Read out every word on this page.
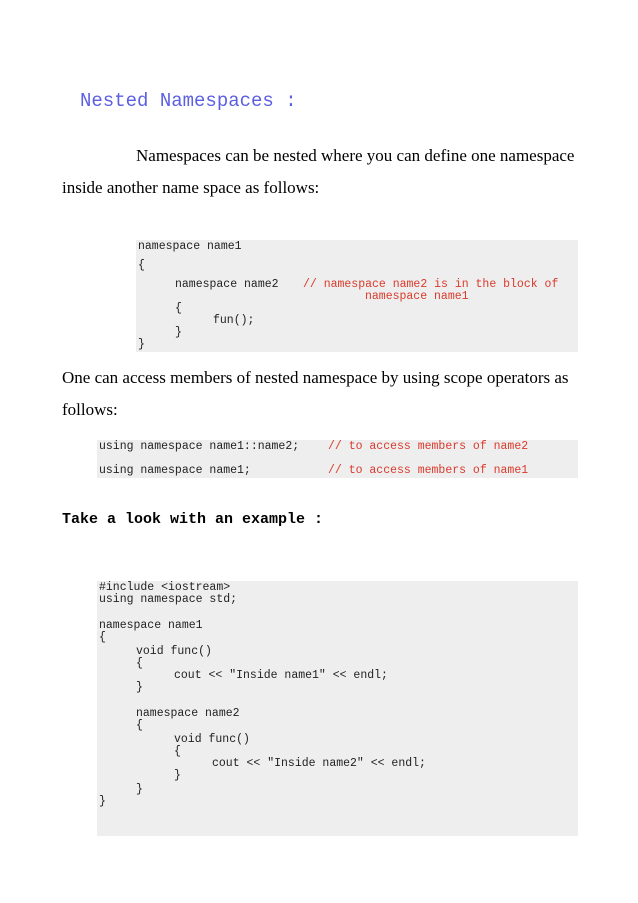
Nested Namespaces :
Namespaces can be nested where you can define one namespace inside another name space as follows:

namespace name1

{

namespace name2

// namespace name2 is in the block of

namespace name1

{

fun();

}

}

One can access members of nested namespace by using scope operators as follows:

using namespace name1::name2;

	// to access members of name2

using namespace name1;

	// to access members of name1

Take a look with an example :

#include <iostream>

using namespace std;

namespace name1

{

void func()

{

cout << "Inside name1" << endl;

}

namespace name2

{

void func()

{

cout << "Inside name2" << endl;

}

}

}
